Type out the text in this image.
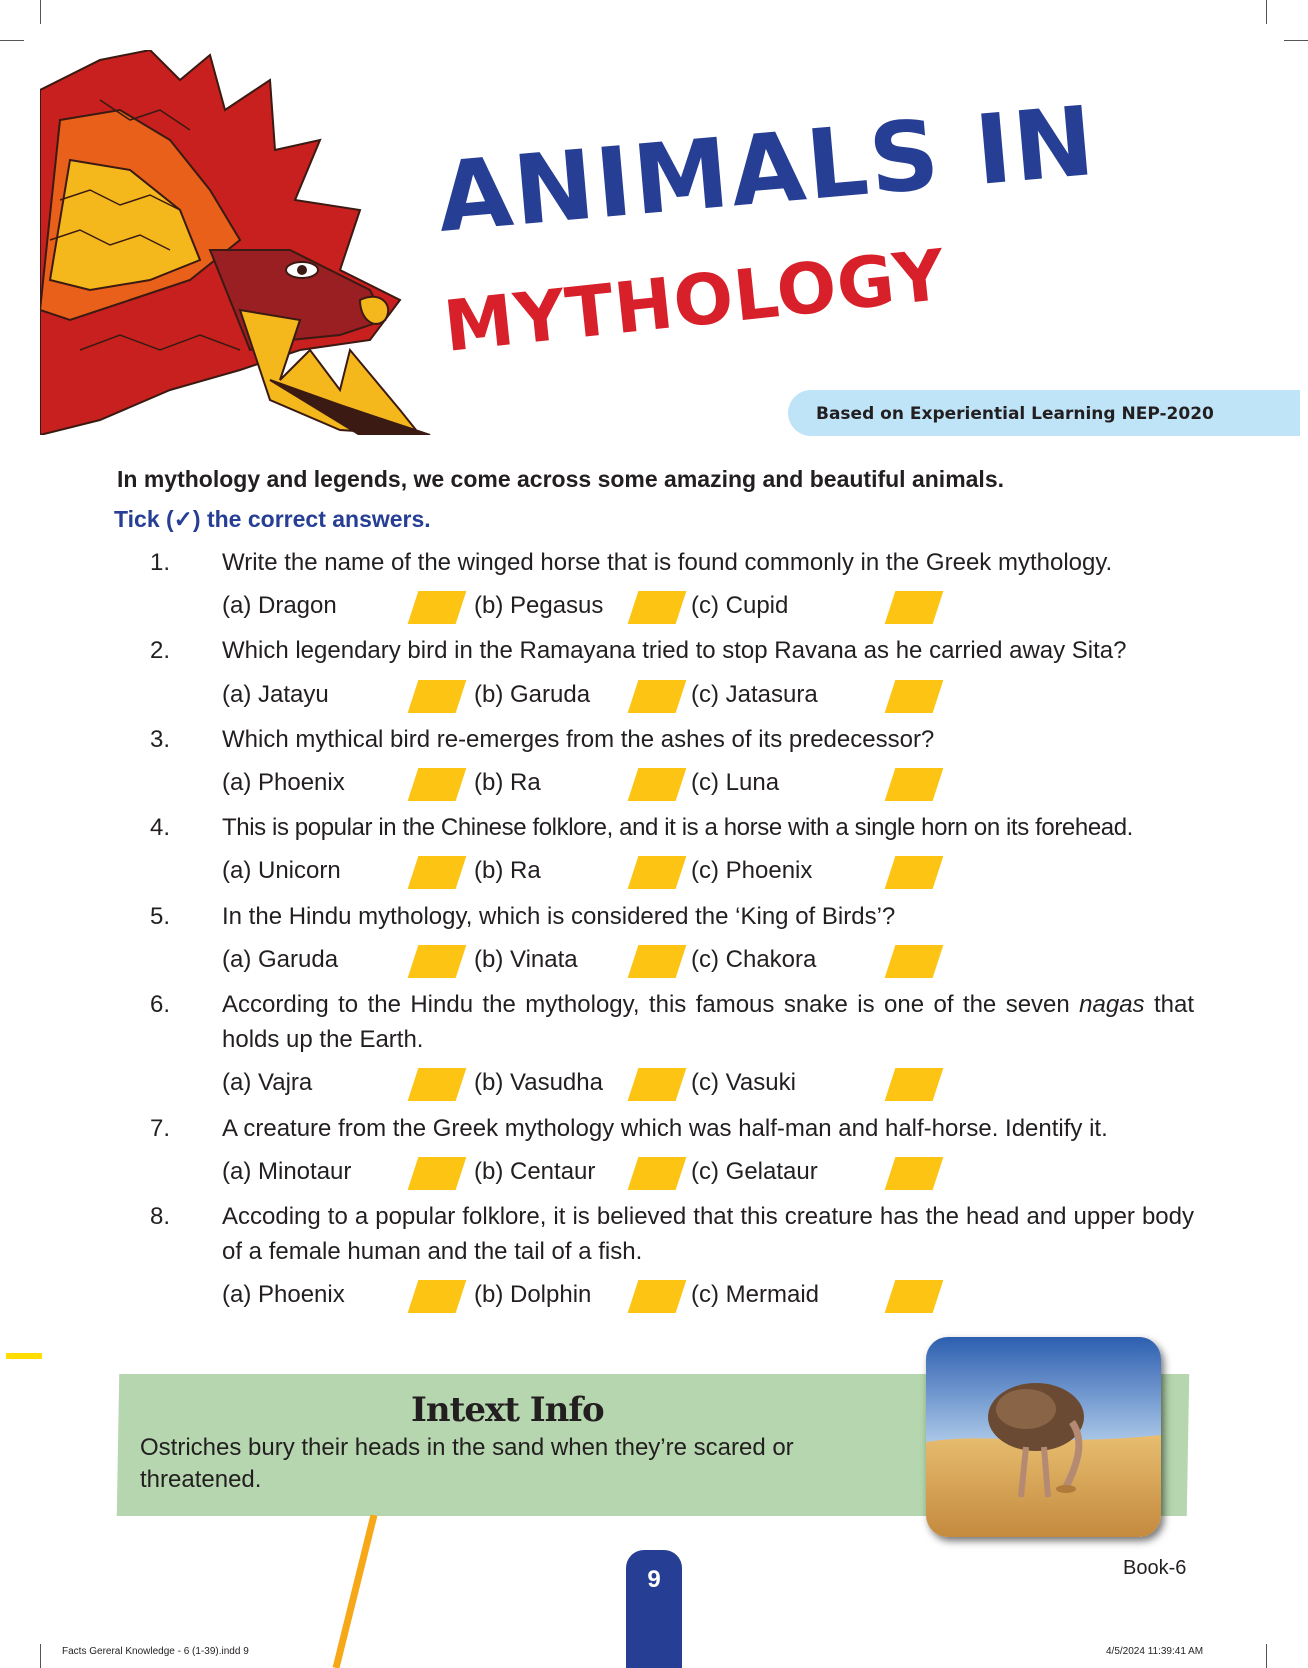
ANIMALS IN
MYTHOLOGY
Based on Experiential Learning NEP-2020
In mythology and legends, we come across some amazing and beautiful animals.
Tick (✓) the correct answers.
1.	Write the name of the winged horse that is found commonly in the Greek mythology.
(a) Dragon	(b) Pegasus	(c) Cupid
2.	Which legendary bird in the Ramayana tried to stop Ravana as he carried away Sita?
(a) Jatayu	(b) Garuda	(c) Jatasura
3.	Which mythical bird re-emerges from the ashes of its predecessor?
(a) Phoenix	(b) Ra	(c) Luna
4.	This is popular in the Chinese folklore, and it is a horse with a single horn on its forehead.
(a) Unicorn	(b) Ra	(c) Phoenix
5.	In the Hindu mythology, which is considered the ‘King of Birds’?
(a) Garuda	(b) Vinata	(c) Chakora
6.	According to the Hindu the mythology, this famous snake is one of the seven nagas that holds up the Earth.
(a) Vajra	(b) Vasudha	(c) Vasuki
7.	A creature from the Greek mythology which was half-man and half-horse. Identify it.
(a) Minotaur	(b) Centaur	(c) Gelataur
8.	Accoding to a popular folklore, it is believed that this creature has the head and upper body of a female human and the tail of a fish.
(a) Phoenix	(b) Dolphin	(c) Mermaid
Intext Info
Ostriches bury their heads in the sand when they’re scared or threatened.
9	Book-6
Facts Gereral Knowledge - 6 (1-39).indd 9	4/5/2024 11:39:41 AM
